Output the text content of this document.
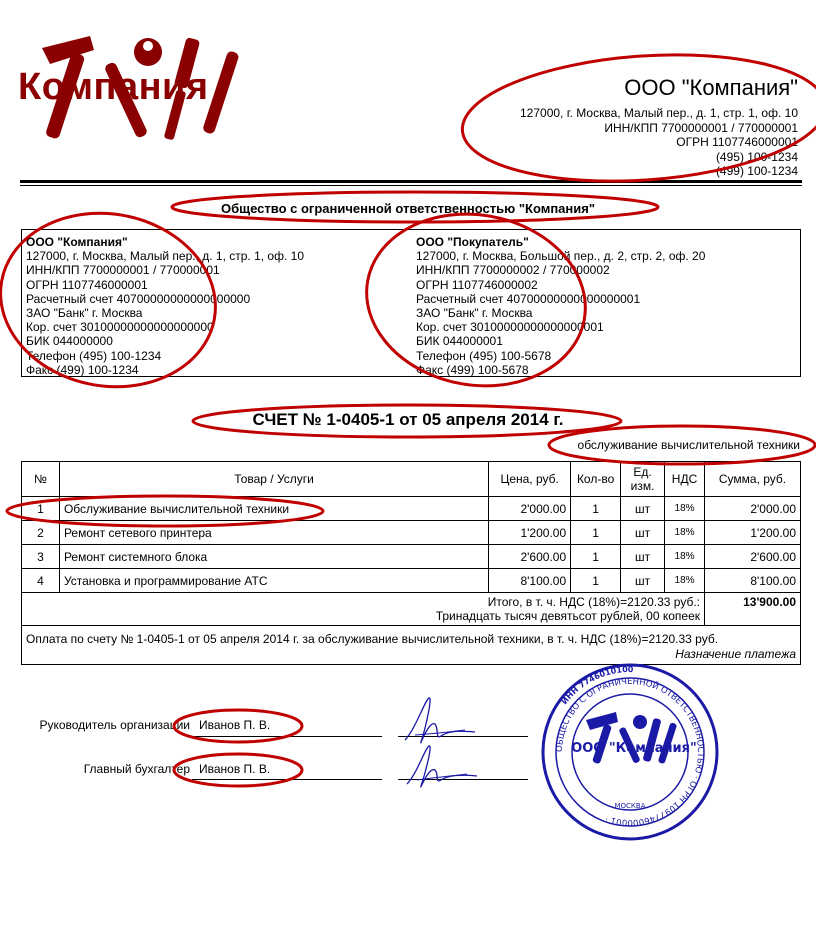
Компания	ООО "Компания"
127000, г. Москва, Малый пер., д. 1, стр. 1, оф. 10
ИНН/КПП 7700000001 / 770000001
ОГРН 1107746000001
(495) 100-1234
(499) 100-1234
Общество с ограниченной ответственностью "Компания"
ООО "Компания"
127000, г. Москва, Малый пер., д. 1, стр. 1, оф. 10
ИНН/КПП 7700000001 / 770000001
ОГРН 1107746000001
Расчетный счет 40700000000000000000
ЗАО "Банк" г. Москва
Кор. счет 30100000000000000000
БИК 044000000
Телефон (495) 100-1234
Факс (499) 100-1234
ООО "Покупатель"
127000, г. Москва, Большой пер., д. 2, стр. 2, оф. 20
ИНН/КПП 7700000002 / 770000002
ОГРН 1107746000002
Расчетный счет 40700000000000000001
ЗАО "Банк" г. Москва
Кор. счет 30100000000000000001
БИК 044000001
Телефон (495) 100-5678
Факс (499) 100-5678
СЧЕТ № 1-0405-1 от 05 апреля 2014 г.
обслуживание вычислительной техники
№	Товар / Услуги	Цена, руб.	Кол-во	Ед. изм.	НДС	Сумма, руб.
1	Обслуживание вычислительной техники	2'000.00	1	шт	18%	2'000.00
2	Ремонт сетевого принтера	1'200.00	1	шт	18%	1'200.00
3	Ремонт системного блока	2'600.00	1	шт	18%	2'600.00
4	Установка и программирование АТС	8'100.00	1	шт	18%	8'100.00

Итого, в т. ч. НДС (18%)=2120.33 руб.:
Тринадцать тысяч девятьсот рублей, 00 копеек						13'900.00
Оплата по счету № 1-0405-1 от 05 апреля 2014 г. за обслуживание вычислительной техники, в т. ч. НДС (18%)=2120.33 руб.
Назначение платежа
Руководитель организации Иванов П. В.
Главный бухгалтер Иванов П. В.
ОБЩЕСТВО С ОГРАНИЧЕННОЙ ОТВЕТСТВЕННОСТЬЮ · ОГРН 1097746000001 ·
ИНН 7746010100
ООО "Компания"
МОСКВА
